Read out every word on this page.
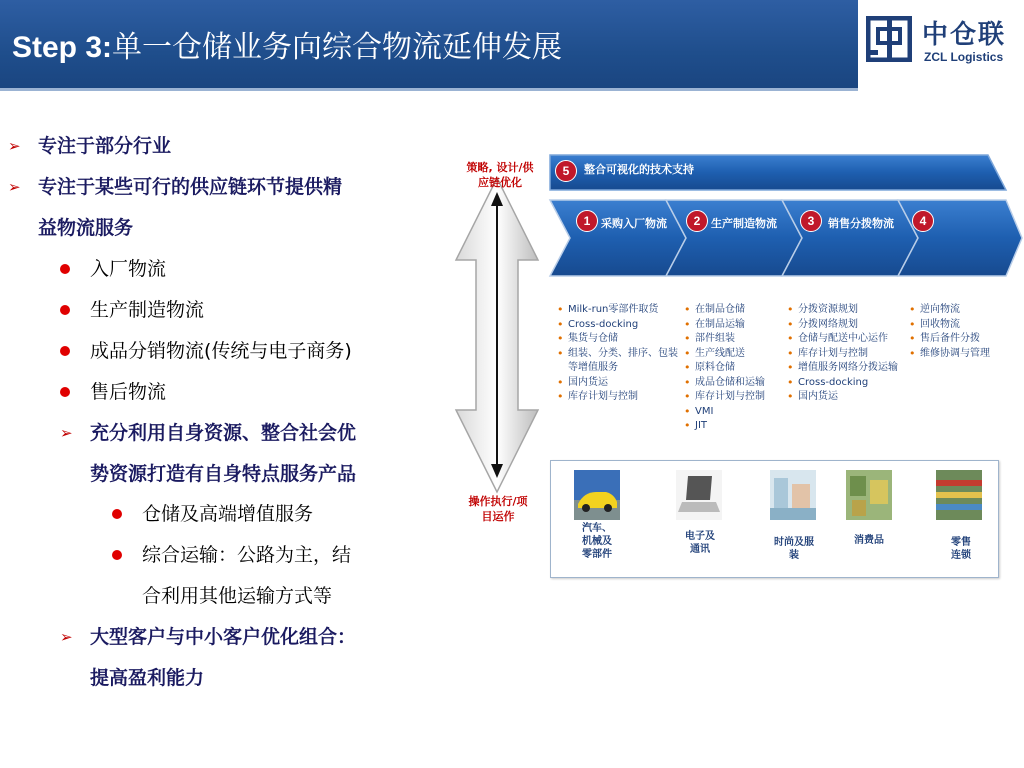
Step 3:单一仓储业务向综合物流延伸发展	中仓联
ZCL Logistics
➢ 专注于部分行业
➢ 专注于某些可行的供应链环节提供精
益物流服务
入厂物流
生产制造物流
成品分销物流(传统与电子商务)
售后物流
➢ 充分利用自身资源、整合社会优
势资源打造有自身特点服务产品
仓储及高端增值服务
综合运输：公路为主，结
合利用其他运输方式等
➢ 大型客户与中小客户优化组合：
提高盈利能力
策略, 设计/供
应链优化
操作执行/项
目运作
5	整合可视化的技术支持
1 采购入厂物流	2 生产制造物流	3	销售分拨物流	4
• Milk-run零部件取货
• Cross-docking
• 集货与仓储
• 组装、分类、排序、包装等增值服务
• 国内货运
• 库存计划与控制
• 在制品仓储
• 在制品运输
• 部件组装
• 生产线配送
• 原料仓储
• 成品仓储和运输
• 库存计划与控制
• VMI
• JIT
• 分拨资源规划
• 分拨网络规划
• 仓储与配送中心运作
• 库存计划与控制
• 增值服务网络分拨运输
• Cross-docking
• 国内货运
• 逆向物流
• 回收物流
• 售后备件分拨
• 维修协调与管理
汽车、
机械及
零部件
电子及
通讯
时尚及服
装
消费品	零售
连锁
